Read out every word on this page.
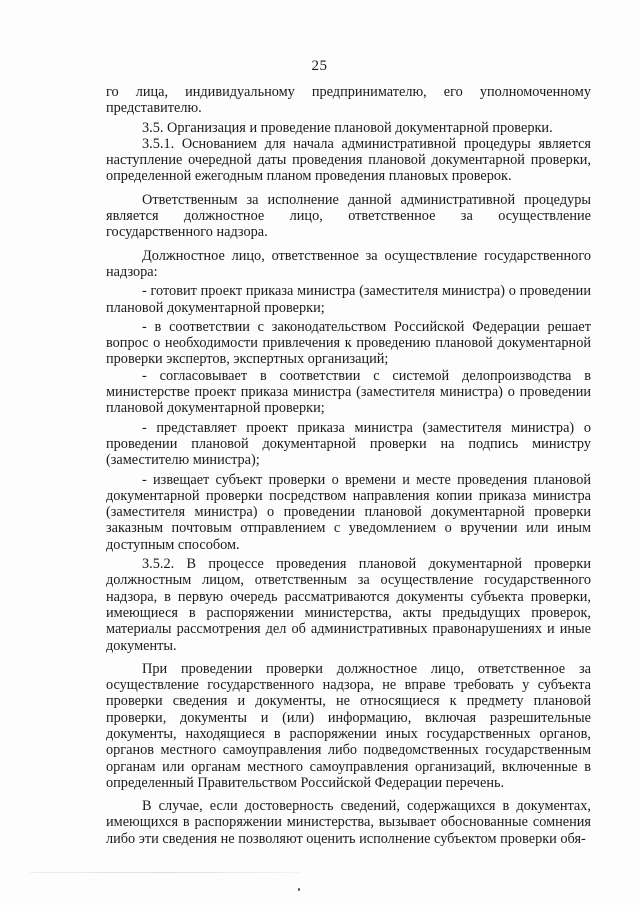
25

го лица, индивидуальному предпринимателю, его уполномоченному представителю.

3.5. Организация и проведение плановой документарной проверки.

3.5.1. Основанием для начала административной процедуры является наступление очередной даты проведения плановой документарной проверки, определенной ежегодным планом проведения плановых проверок.

Ответственным за исполнение данной административной процедуры является должностное лицо, ответственное за осуществление государственного надзора.

Должностное лицо, ответственное за осуществление государственного надзора:

- готовит проект приказа министра (заместителя министра) о проведении плановой документарной проверки;

- в соответствии с законодательством Российской Федерации решает вопрос о необходимости привлечения к проведению плановой документарной проверки экспертов, экспертных организаций;

- согласовывает в соответствии с системой делопроизводства в министерстве проект приказа министра (заместителя министра) о проведении плановой документарной проверки;

- представляет проект приказа министра (заместителя министра) о проведении плановой документарной проверки на подпись министру (заместителю министра);

- извещает субъект проверки о времени и месте проведения плановой документарной проверки посредством направления копии приказа министра (заместителя министра) о проведении плановой документарной проверки заказным почтовым отправлением с уведомлением о вручении или иным доступным способом.

3.5.2. В процессе проведения плановой документарной проверки должностным лицом, ответственным за осуществление государственного надзора, в первую очередь рассматриваются документы субъекта проверки, имеющиеся в распоряжении министерства, акты предыдущих проверок, материалы рассмотрения дел об административных правонарушениях и иные документы.

При проведении проверки должностное лицо, ответственное за осуществление государственного надзора, не вправе требовать у субъекта проверки сведения и документы, не относящиеся к предмету плановой проверки, документы и (или) информацию, включая разрешительные документы, находящиеся в распоряжении иных государственных органов, органов местного самоуправления либо подведомственных государственным органам или органам местного самоуправления организаций, включенные в определенный Правительством Российской Федерации перечень.

В случае, если достоверность сведений, содержащихся в документах, имеющихся в распоряжении министерства, вызывает обоснованные сомнения либо эти сведения не позволяют оценить исполнение субъектом проверки обя-
